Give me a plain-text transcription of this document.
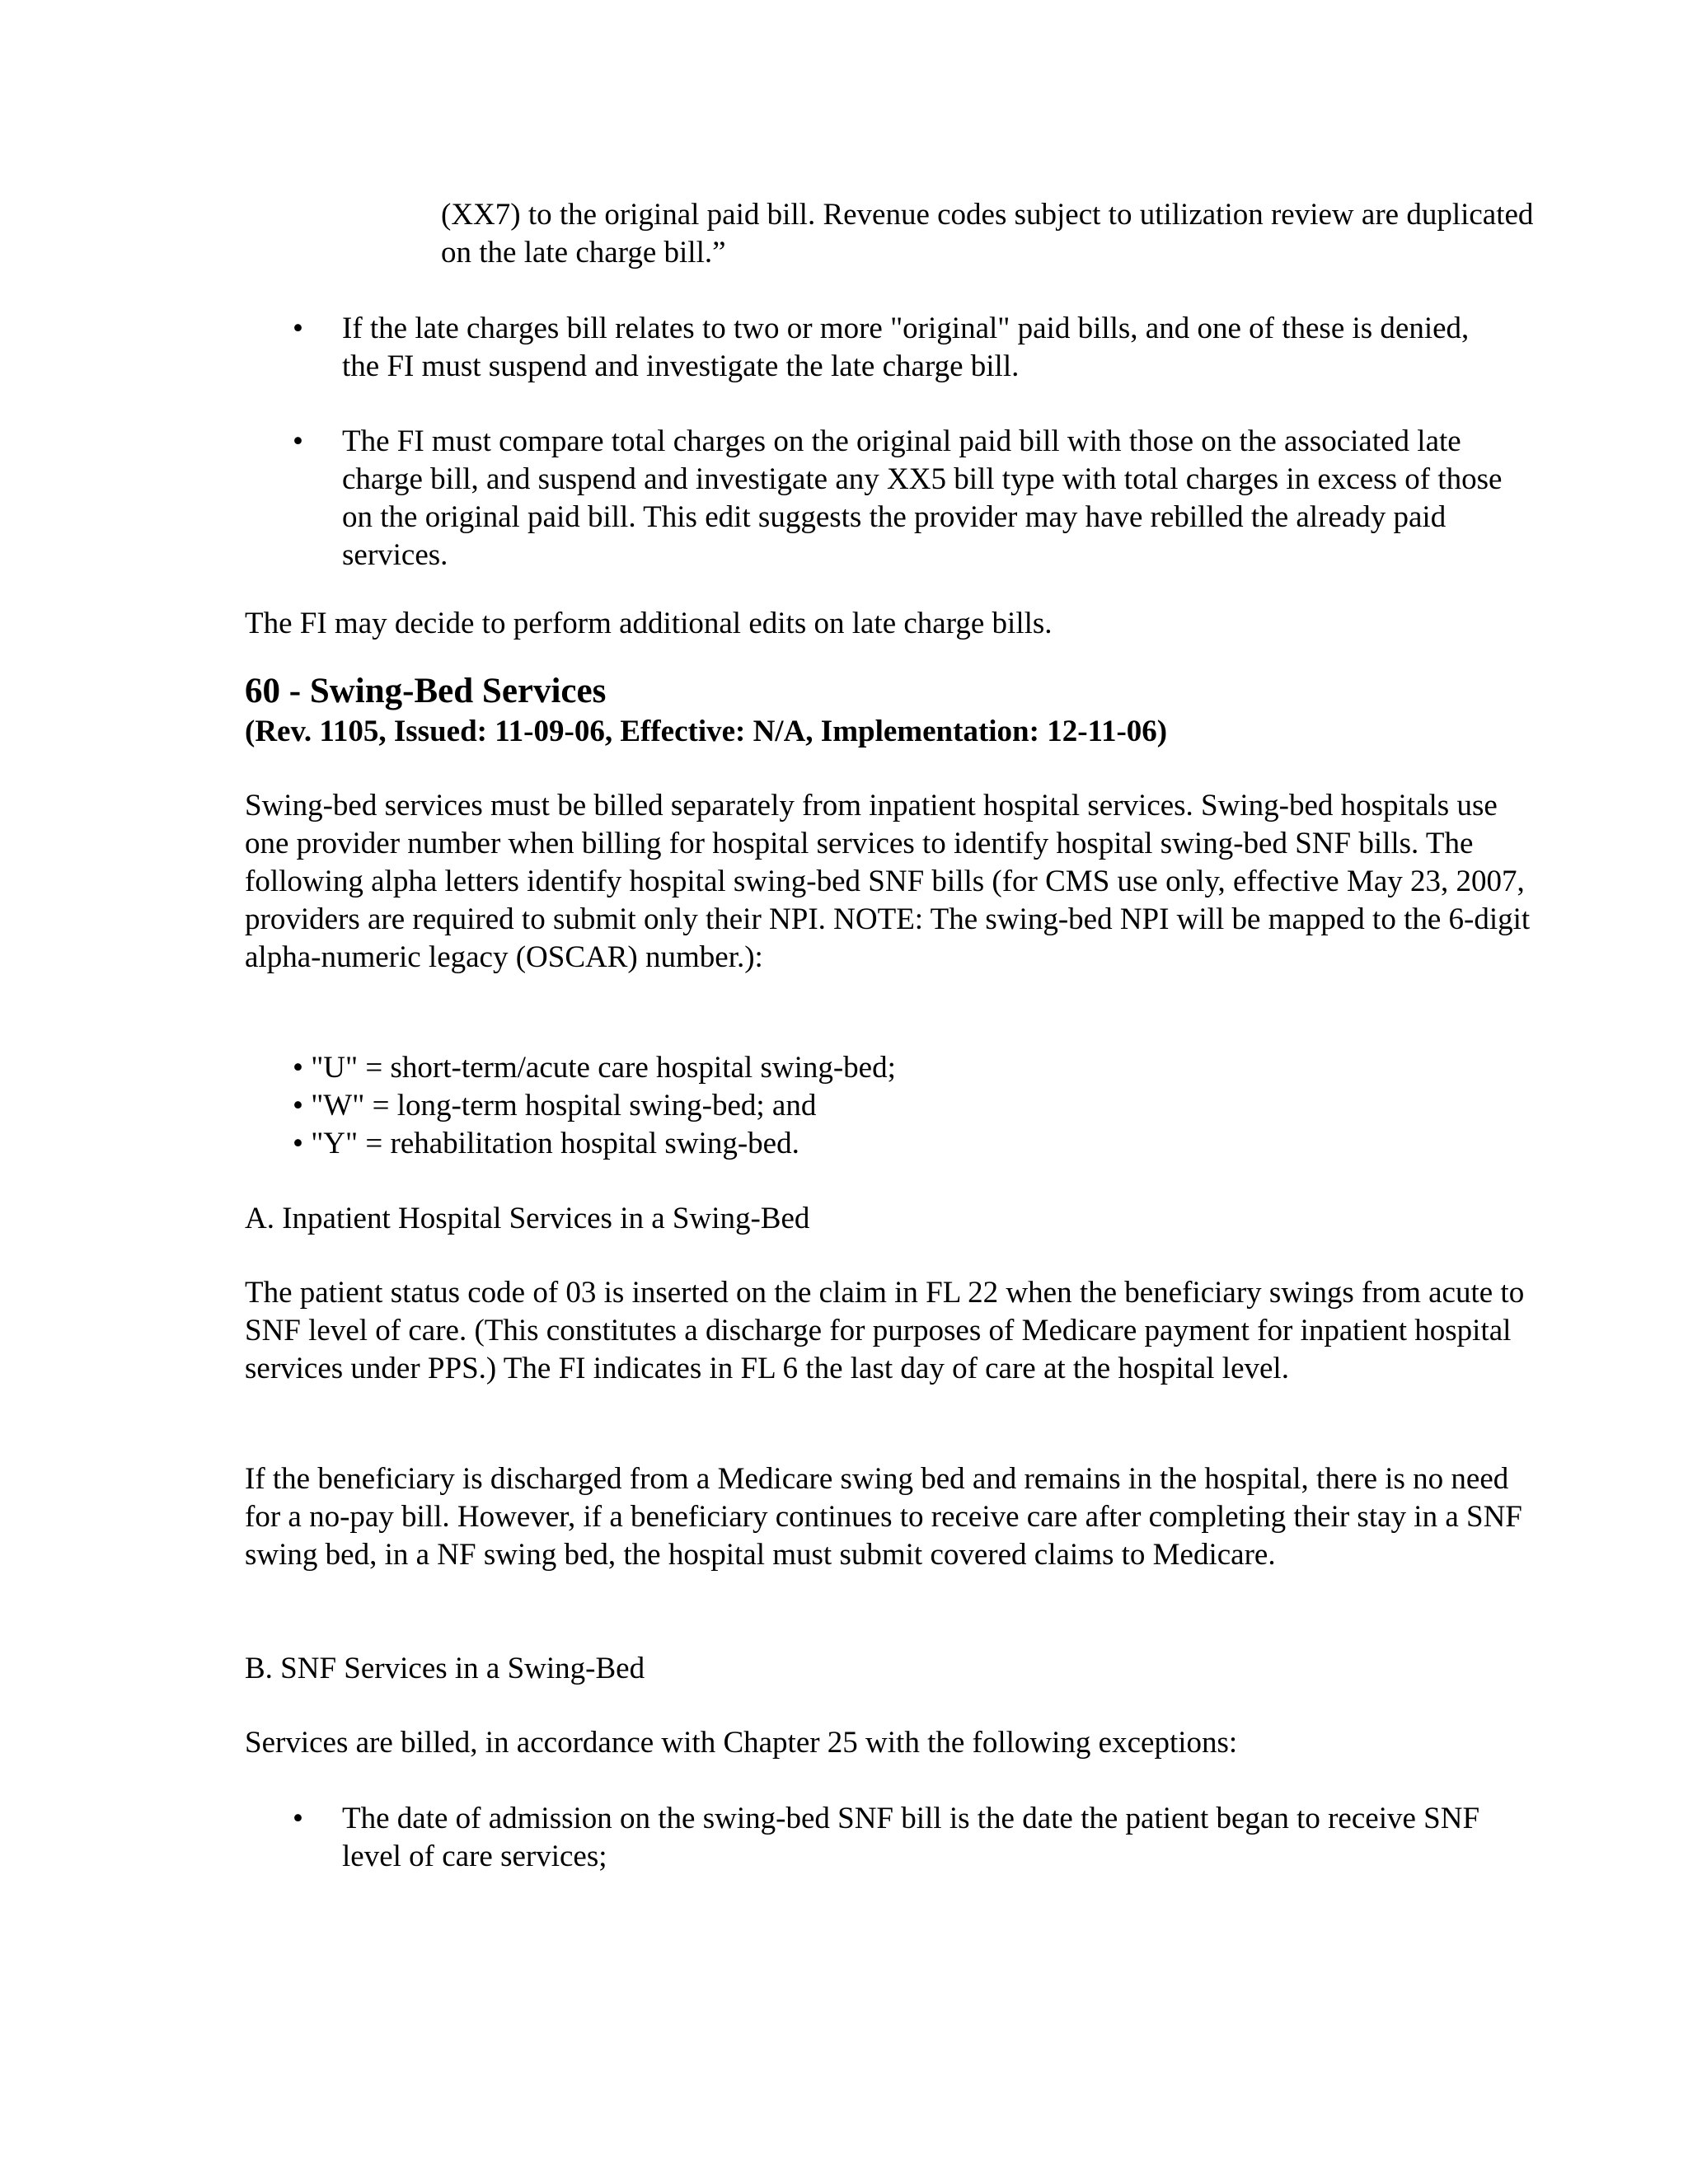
(XX7) to the original paid bill. Revenue codes subject to utilization review are duplicated on the late charge bill.”

•	If the late charges bill relates to two or more "original" paid bills, and one of these is denied, the FI must suspend and investigate the late charge bill.
•	The FI must compare total charges on the original paid bill with those on the associated late charge bill, and suspend and investigate any XX5 bill type with total charges in excess of those on the original paid bill. This edit suggests the provider may have rebilled the already paid services.

The FI may decide to perform additional edits on late charge bills.

60 - Swing-Bed Services
(Rev. 1105, Issued: 11-09-06, Effective: N/A, Implementation: 12-11-06)

Swing-bed services must be billed separately from inpatient hospital services. Swing-bed hospitals use one provider number when billing for hospital services to identify hospital swing-bed SNF bills. The following alpha letters identify hospital swing-bed SNF bills (for CMS use only, effective May 23, 2007, providers are required to submit only their NPI. NOTE: The swing-bed NPI will be mapped to the 6-digit alpha-numeric legacy (OSCAR) number.):

• "U" = short-term/acute care hospital swing-bed;
• "W" = long-term hospital swing-bed; and
• "Y" = rehabilitation hospital swing-bed.

A. Inpatient Hospital Services in a Swing-Bed

The patient status code of 03 is inserted on the claim in FL 22 when the beneficiary swings from acute to SNF level of care. (This constitutes a discharge for purposes of Medicare payment for inpatient hospital services under PPS.) The FI indicates in FL 6 the last day of care at the hospital level.

If the beneficiary is discharged from a Medicare swing bed and remains in the hospital, there is no need for a no-pay bill. However, if a beneficiary continues to receive care after completing their stay in a SNF swing bed, in a NF swing bed, the hospital must submit covered claims to Medicare.

B. SNF Services in a Swing-Bed

Services are billed, in accordance with Chapter 25 with the following exceptions:

•	The date of admission on the swing-bed SNF bill is the date the patient began to receive SNF level of care services;
